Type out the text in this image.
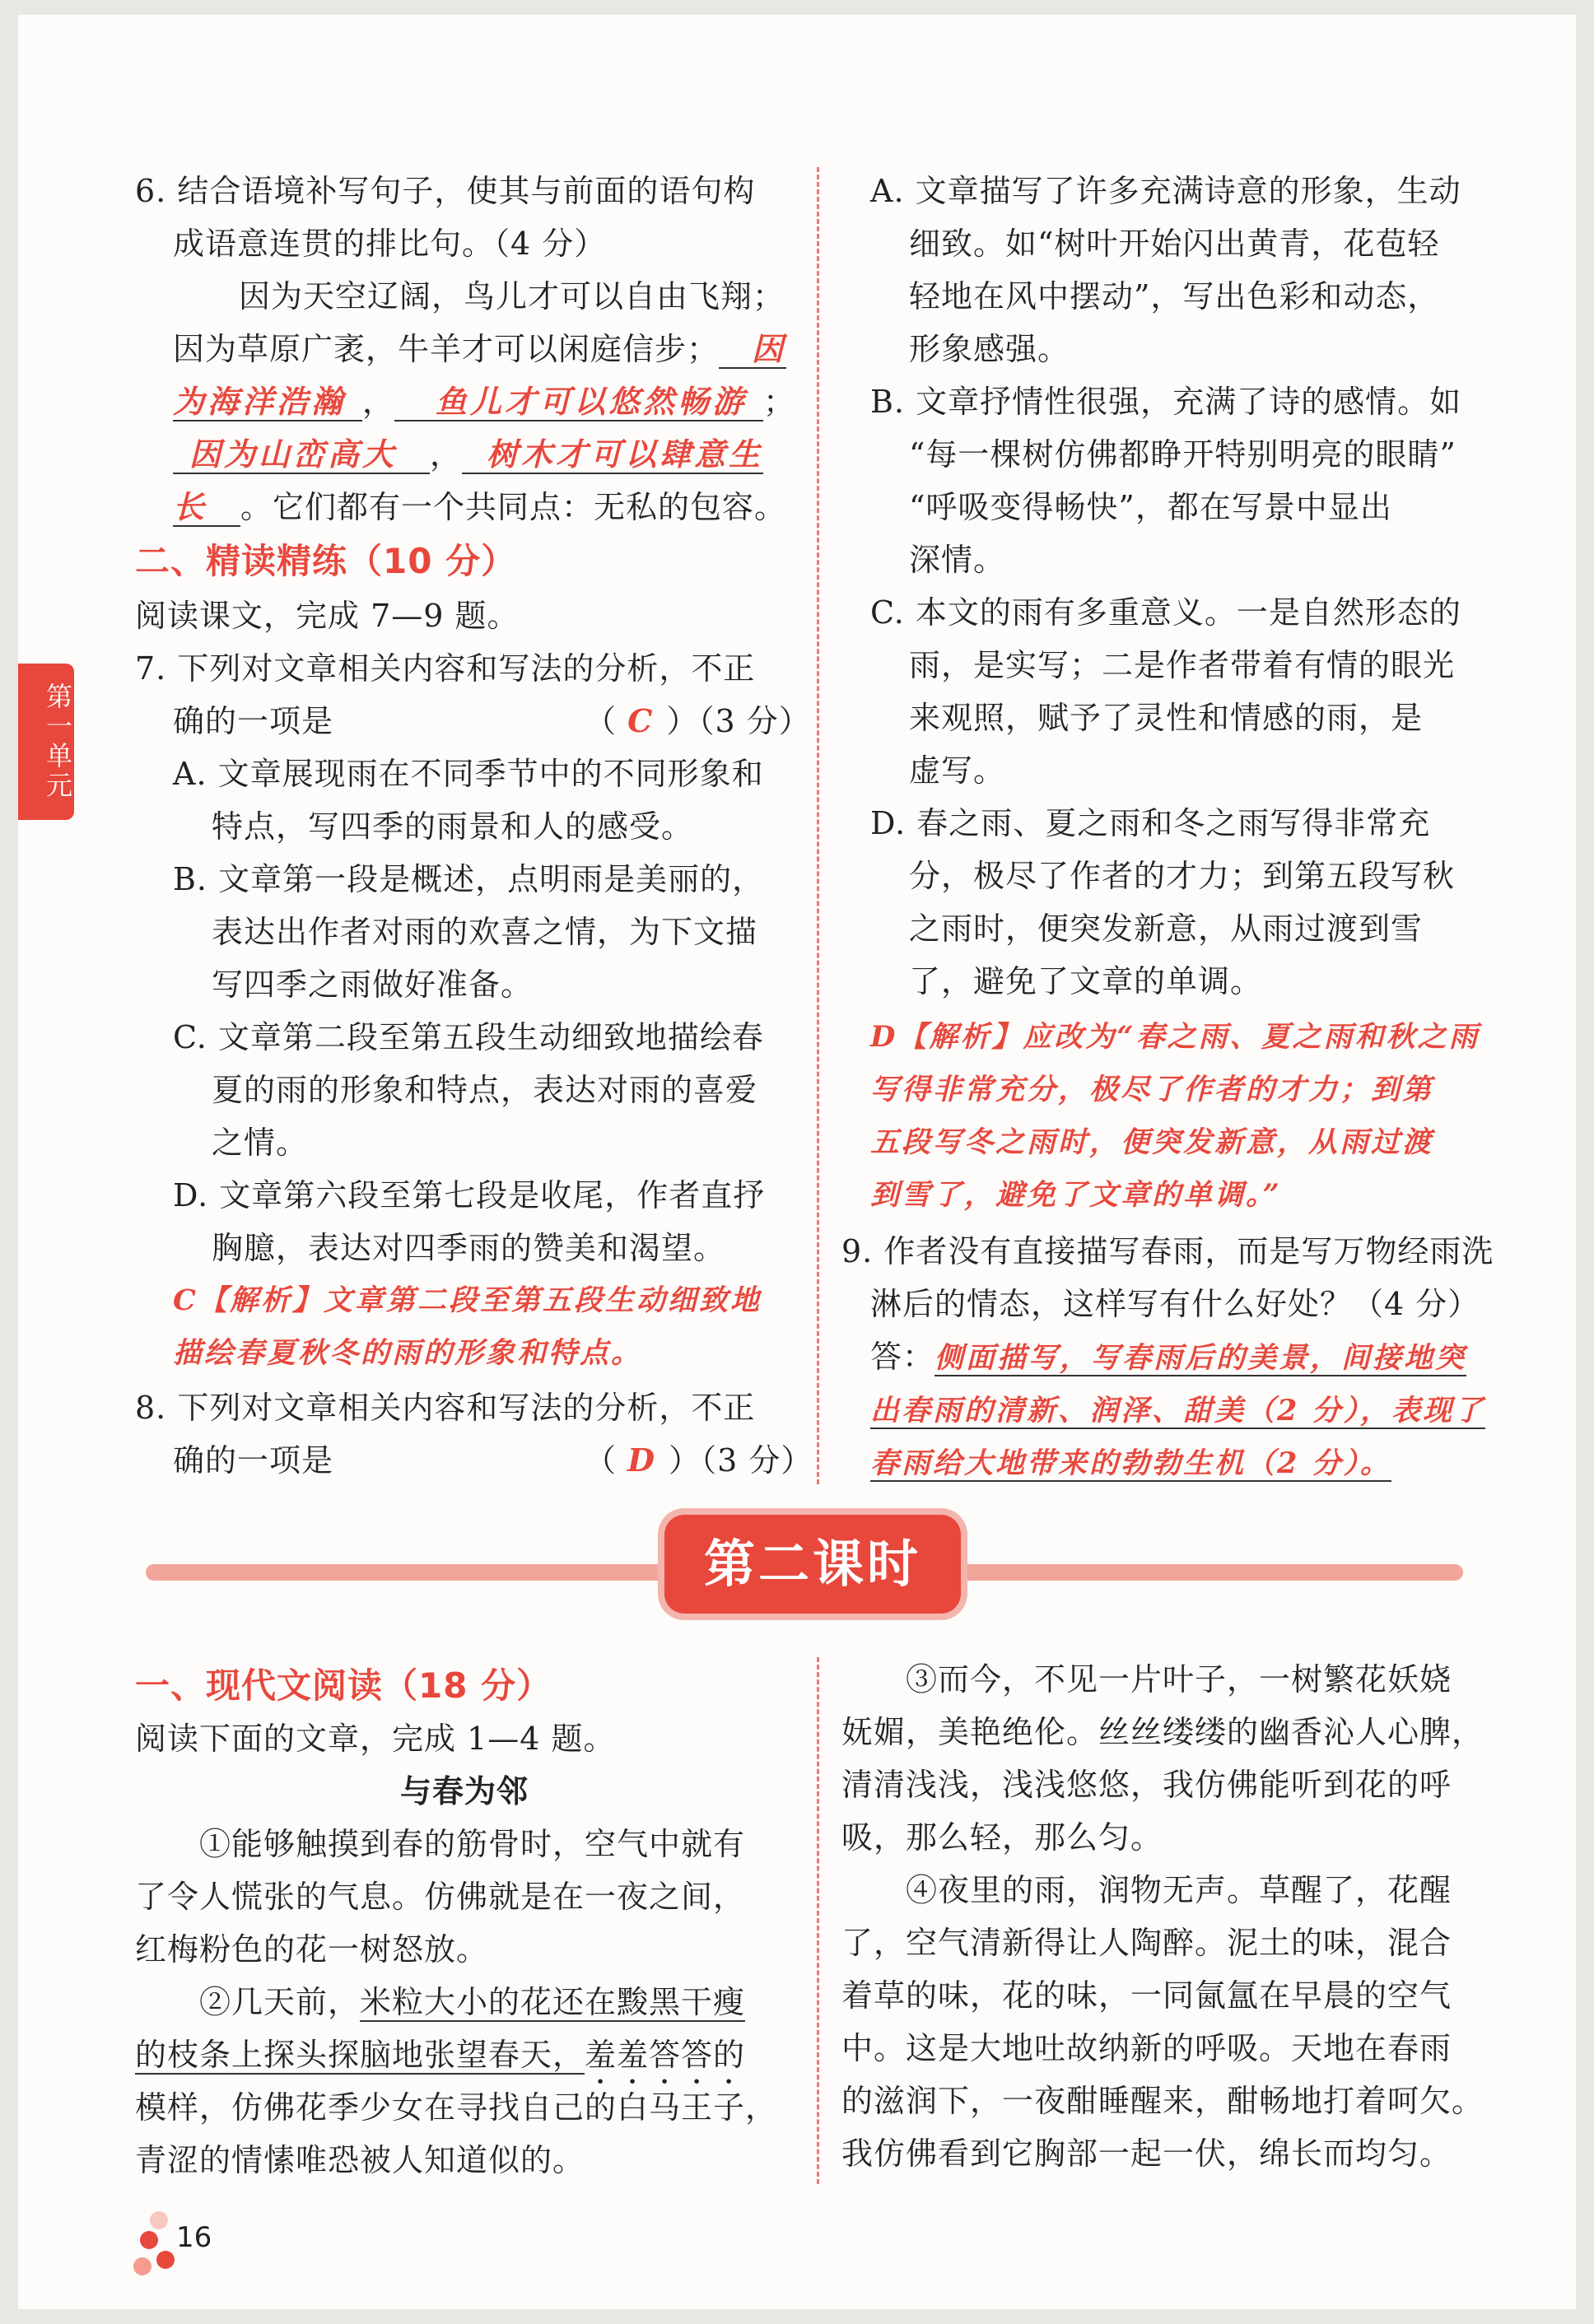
第一单元
6. 结合语境补写句子，使其与前面的语句构
成语意连贯的排比句。（4 分）
因为天空辽阔，鸟儿才可以自由飞翔；
因为草原广袤，牛羊才可以闲庭信步； 因
为海洋浩瀚 ， 鱼儿才可以悠然畅游 ；
因为山峦高大 ， 树木才可以肆意生
长 。它们都有一个共同点：无私的包容。
二、精读精练（10 分）
阅读课文，完成 7—9 题。
7. 下列对文章相关内容和写法的分析，不正
确的一项是	（ C ）（3 分）
A. 文章展现雨在不同季节中的不同形象和
特点，写四季的雨景和人的感受。
B. 文章第一段是概述，点明雨是美丽的，
表达出作者对雨的欢喜之情，为下文描
写四季之雨做好准备。
C. 文章第二段至第五段生动细致地描绘春
夏的雨的形象和特点，表达对雨的喜爱
之情。
D. 文章第六段至第七段是收尾，作者直抒
胸臆，表达对四季雨的赞美和渴望。
C【解析】文章第二段至第五段生动细致地
描绘春夏秋冬的雨的形象和特点。
8. 下列对文章相关内容和写法的分析，不正
确的一项是	（ D ）（3 分）
A. 文章描写了许多充满诗意的形象，生动
细致。如“树叶开始闪出黄青，花苞轻
轻地在风中摆动”，写出色彩和动态，
形象感强。
B. 文章抒情性很强，充满了诗的感情。如
“每一棵树仿佛都睁开特别明亮的眼睛”
“呼吸变得畅快”，都在写景中显出
深情。
C. 本文的雨有多重意义。一是自然形态的
雨，是实写；二是作者带着有情的眼光
来观照，赋予了灵性和情感的雨，是
虚写。
D. 春之雨、夏之雨和冬之雨写得非常充
分，极尽了作者的才力；到第五段写秋
之雨时，便突发新意，从雨过渡到雪
了，避免了文章的单调。
D【解析】应改为“春之雨、夏之雨和秋之雨
写得非常充分，极尽了作者的才力；到第
五段写冬之雨时，便突发新意，从雨过渡
到雪了，避免了文章的单调。”
9. 作者没有直接描写春雨，而是写万物经雨洗
淋后的情态，这样写有什么好处？（4 分）
答：侧面描写，写春雨后的美景，间接地突
出春雨的清新、润泽、甜美（2 分），表现了
春雨给大地带来的勃勃生机（2 分）。
第二课时
一、现代文阅读（18 分）
阅读下面的文章，完成 1—4 题。
与春为邻
①能够触摸到春的筋骨时，空气中就有
了令人慌张的气息。仿佛就是在一夜之间，
红梅粉色的花一树怒放。
②几天前，米粒大小的花还在黢黑干瘦
的枝条上探头探脑地张望春天，羞羞答答的
模样，仿佛花季少女在寻找自己的白马王子，
青涩的情愫唯恐被人知道似的。
③而今，不见一片叶子，一树繁花妖娆
妩媚，美艳绝伦。丝丝缕缕的幽香沁人心脾，
清清浅浅，浅浅悠悠，我仿佛能听到花的呼
吸，那么轻，那么匀。
④夜里的雨，润物无声。草醒了，花醒
了，空气清新得让人陶醉。泥土的味，混合
着草的味，花的味，一同氤氲在早晨的空气
中。这是大地吐故纳新的呼吸。天地在春雨
的滋润下，一夜酣睡醒来，酣畅地打着呵欠。
我仿佛看到它胸部一起一伏，绵长而均匀。
16
